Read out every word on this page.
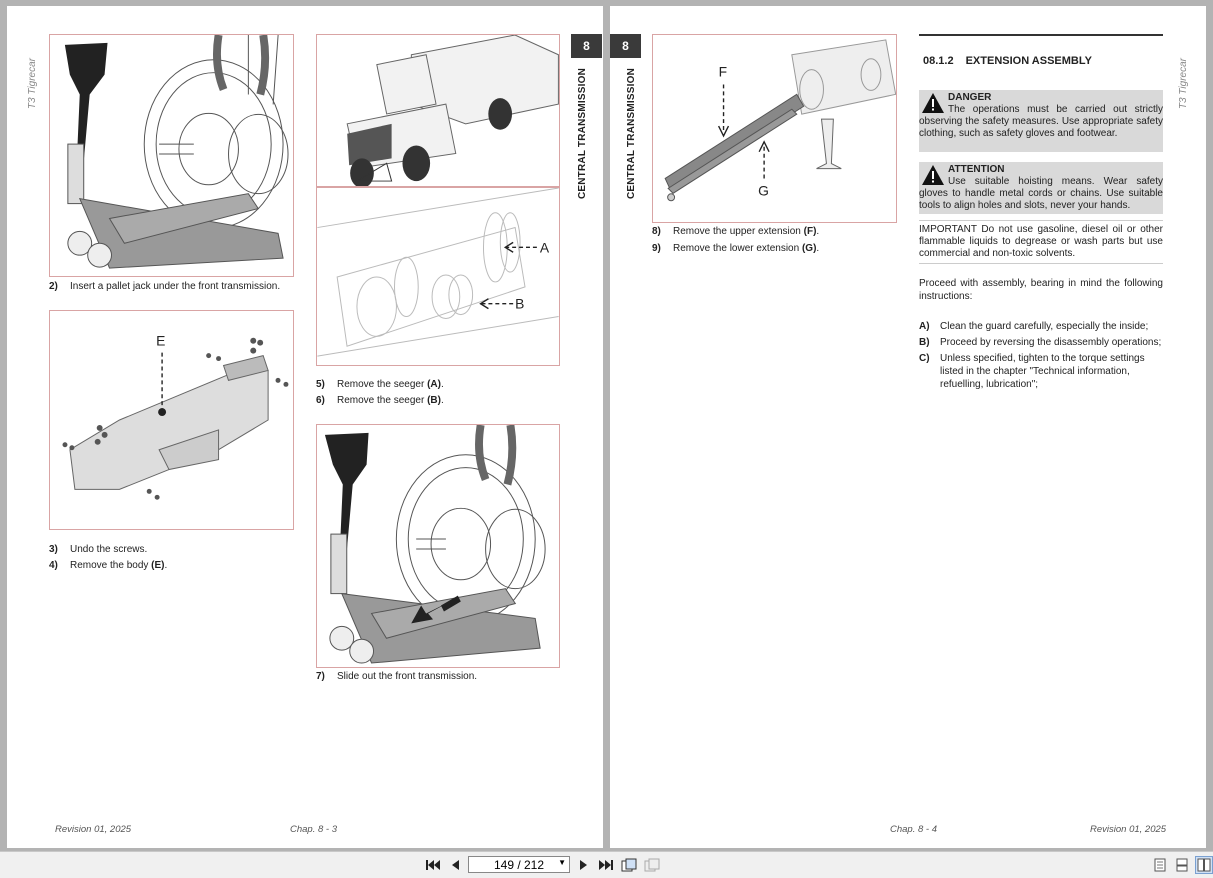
T3 Tigrecar
2) Insert a pallet jack under the front transmission.
A
B
5) Remove the seeger (A).
6) Remove the seeger (B).
E
3) Undo the screws.
4) Remove the body (E).
7) Slide out the front transmission.
8
CENTRAL TRANSMISSION
Revision 01, 2025	Chap. 8 - 3
8
CENTRAL TRANSMISSION	F
G
8) Remove the upper extension (F).
9) Remove the lower extension (G).
08.1.2 EXTENSION ASSEMBLY
DANGER
The operations must be carried out strictly observing the safety measures. Use appropriate safety clothing, such as safety gloves and footwear.
ATTENTION
Use suitable hoisting means. Wear safety gloves to handle metal cords or chains. Use suitable tools to align holes and slots, never your hands.
IMPORTANT Do not use gasoline, diesel oil or other flammable liquids to degrease or wash parts but use commercial and non-toxic solvents.
Proceed with assembly, bearing in mind the following instructions:
A) Clean the guard carefully, especially the inside;
B) Proceed by reversing the disassembly operations;
C) Unless specified, tighten to the torque settings listed in the chapter "Technical information, refuelling, lubrication";
T3 Tigrecar
Chap. 8 - 4	Revision 01, 2025
149 / 212 ▼
